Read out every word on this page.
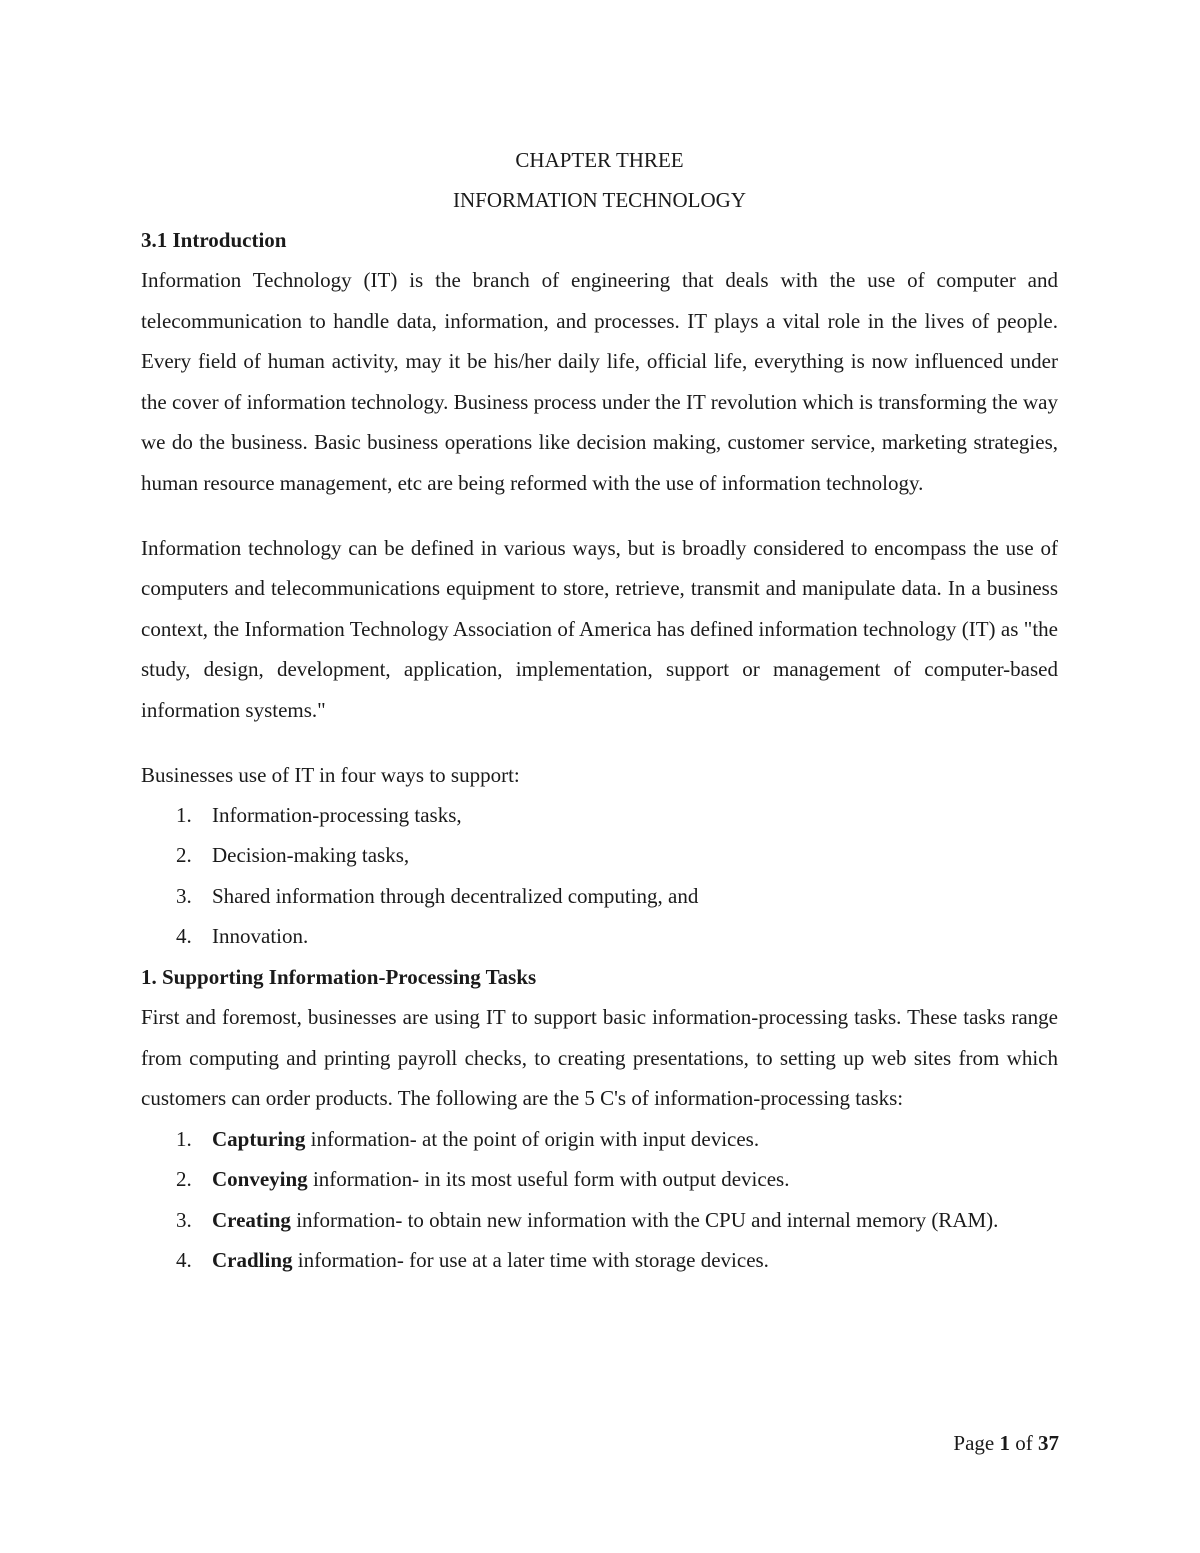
CHAPTER THREE
INFORMATION TECHNOLOGY
3.1 Introduction

Information Technology (IT) is the branch of engineering that deals with the use of computer and telecommunication to handle data, information, and processes. IT plays a vital role in the lives of people. Every field of human activity, may it be his/her daily life, official life, everything is now influenced under the cover of information technology. Business process under the IT revolution which is transforming the way we do the business. Basic business operations like decision making, customer service, marketing strategies, human resource management, etc are being reformed with the use of information technology.

Information technology can be defined in various ways, but is broadly considered to encompass the use of computers and telecommunications equipment to store, retrieve, transmit and manipulate data. In a business context, the Information Technology Association of America has defined information technology (IT) as "the study, design, development, application, implementation, support or management of computer-based information systems."

Businesses use of IT in four ways to support:

1. Information-processing tasks,
2. Decision-making tasks,
3. Shared information through decentralized computing, and
4. Innovation.
1. Supporting Information-Processing Tasks

First and foremost, businesses are using IT to support basic information-processing tasks. These tasks range from computing and printing payroll checks, to creating presentations, to setting up web sites from which customers can order products. The following are the 5 C's of information-processing tasks:

1. Capturing information- at the point of origin with input devices.
2. Conveying information- in its most useful form with output devices.
3. Creating information- to obtain new information with the CPU and internal memory (RAM).
4. Cradling information- for use at a later time with storage devices.
Page 1 of 37
